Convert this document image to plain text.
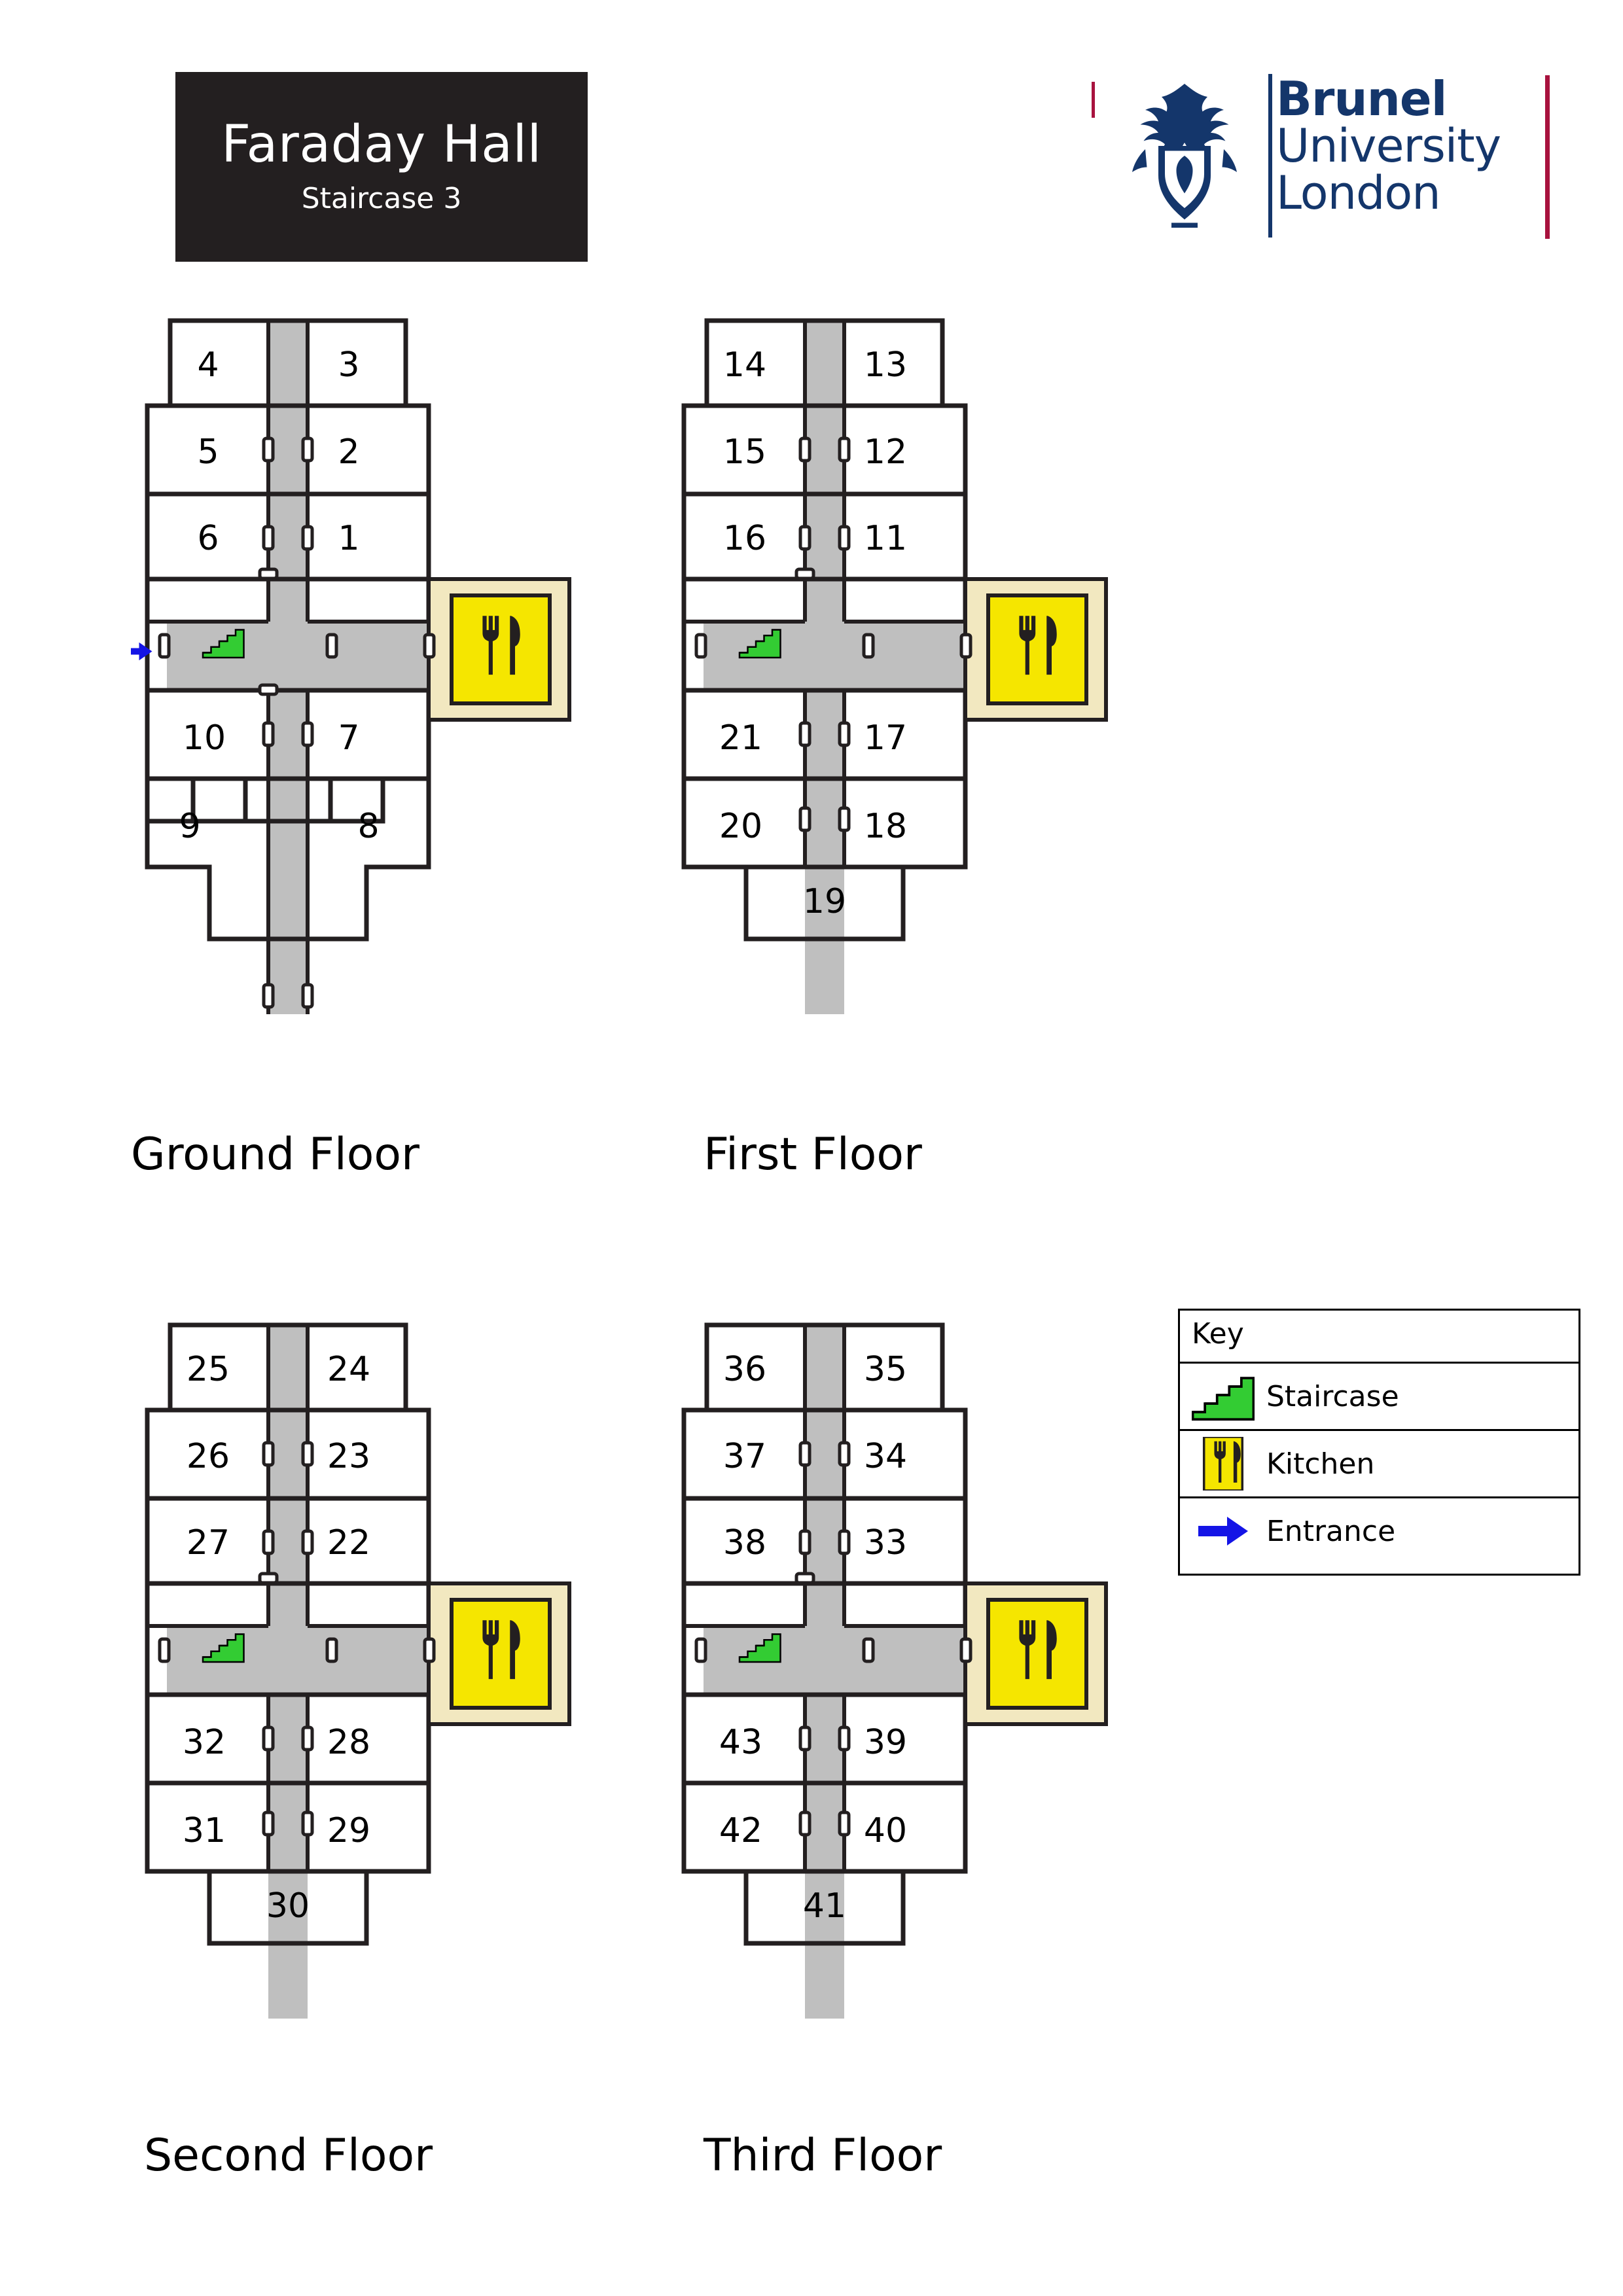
Faraday Hall
Staircase 3
Brunel
University
London
4	3
5	2
6	1
10	7
9	8
Ground Floor
14	13
15	12
16	11
21	17
20	18
19
First Floor
25	24
26	23
27	22
32	28
31	29
30
Second Floor
36	35
37	34
38	33
43	39
42	40
41
Third Floor
Key
Staircase
Kitchen
Entrance
